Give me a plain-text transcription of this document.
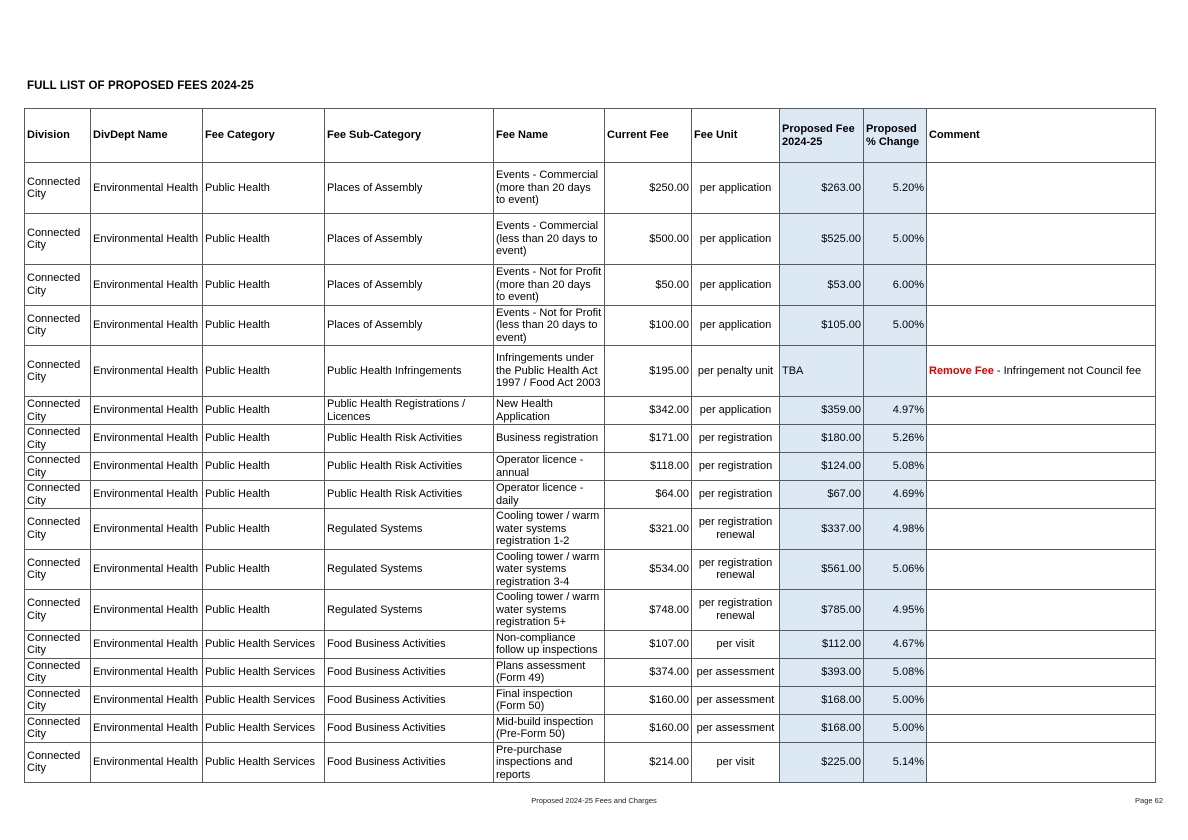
FULL LIST OF PROPOSED FEES 2024-25
Division	DivDept Name	Fee Category	Fee Sub-Category	Fee Name	Current Fee	Fee Unit	Proposed Fee 2024-25	Proposed % Change	Comment
Connected City	Environmental Health	Public Health	Places of Assembly	Events - Commercial (more than 20 days to event)	$250.00	per application	$263.00	5.20%	
Connected City	Environmental Health	Public Health	Places of Assembly	Events - Commercial (less than 20 days to event)	$500.00	per application	$525.00	5.00%	
Connected City	Environmental Health	Public Health	Places of Assembly	Events - Not for Profit (more than 20 days to event)	$50.00	per application	$53.00	6.00%	
Connected City	Environmental Health	Public Health	Places of Assembly	Events - Not for Profit (less than 20 days to event)	$100.00	per application	$105.00	5.00%	
Connected City	Environmental Health	Public Health	Public Health Infringements	Infringements under the Public Health Act 1997 / Food Act 2003	$195.00	per penalty unit	TBA		Remove Fee - Infringement not Council fee
Connected City	Environmental Health	Public Health	Public Health Registrations / Licences	New Health Application	$342.00	per application	$359.00	4.97%	
Connected City	Environmental Health	Public Health	Public Health Risk Activities	Business registration	$171.00	per registration	$180.00	5.26%	
Connected City	Environmental Health	Public Health	Public Health Risk Activities	Operator licence - annual	$118.00	per registration	$124.00	5.08%	
Connected City	Environmental Health	Public Health	Public Health Risk Activities	Operator licence - daily	$64.00	per registration	$67.00	4.69%	
Connected City	Environmental Health	Public Health	Regulated Systems	Cooling tower / warm water systems registration 1-2	$321.00	per registration renewal	$337.00	4.98%	
Connected City	Environmental Health	Public Health	Regulated Systems	Cooling tower / warm water systems registration 3-4	$534.00	per registration renewal	$561.00	5.06%	
Connected City	Environmental Health	Public Health	Regulated Systems	Cooling tower / warm water systems registration 5+	$748.00	per registration renewal	$785.00	4.95%	
Connected City	Environmental Health	Public Health Services	Food Business Activities	Non-compliance follow up inspections	$107.00	per visit	$112.00	4.67%	
Connected City	Environmental Health	Public Health Services	Food Business Activities	Plans assessment (Form 49)	$374.00	per assessment	$393.00	5.08%	
Connected City	Environmental Health	Public Health Services	Food Business Activities	Final inspection (Form 50)	$160.00	per assessment	$168.00	5.00%	
Connected City	Environmental Health	Public Health Services	Food Business Activities	Mid-build inspection (Pre-Form 50)	$160.00	per assessment	$168.00	5.00%	
Connected City	Environmental Health	Public Health Services	Food Business Activities	Pre-purchase inspections and reports	$214.00	per visit	$225.00	5.14%	
Proposed 2024-25 Fees and Charges	Page 62
